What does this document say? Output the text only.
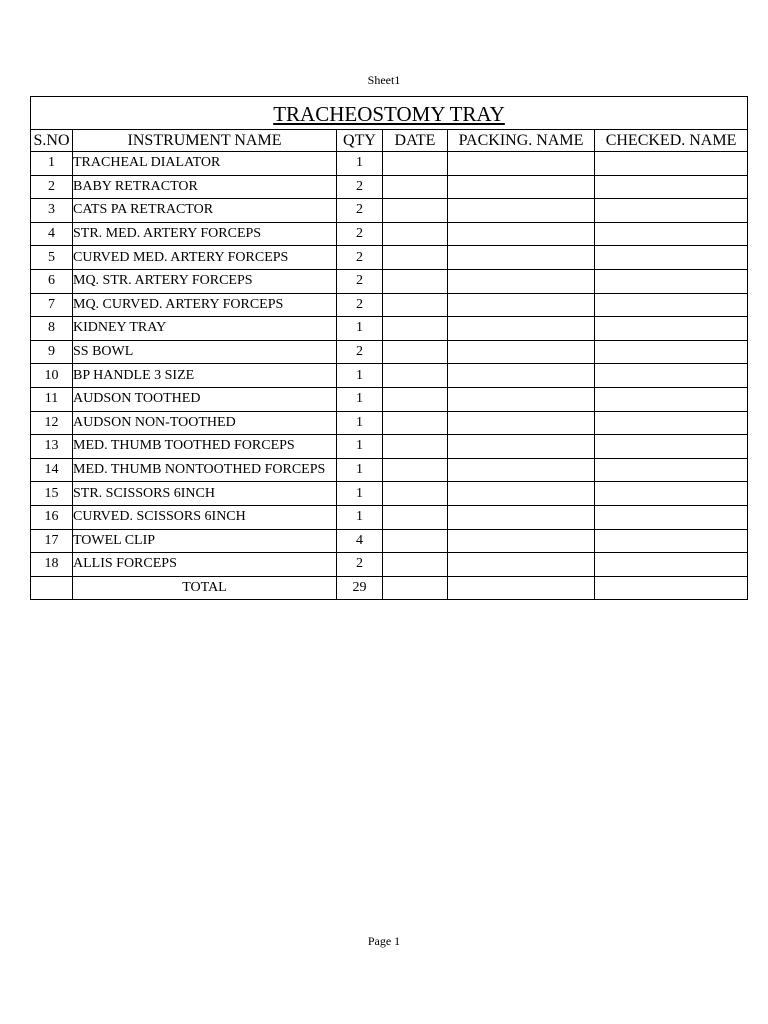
Sheet1
TRACHEOSTOMY TRAY					
S.NO	INSTRUMENT NAME	QTY	DATE	PACKING. NAME	CHECKED. NAME
1	TRACHEAL DIALATOR	1			
2	BABY RETRACTOR	2			
3	CATS PA RETRACTOR	2			
4	STR. MED. ARTERY FORCEPS	2			
5	CURVED MED. ARTERY FORCEPS	2			
6	MQ. STR. ARTERY FORCEPS	2			
7	MQ. CURVED. ARTERY FORCEPS	2			
8	KIDNEY TRAY	1			
9	SS BOWL	2			
10	BP HANDLE 3 SIZE	1			
11	AUDSON TOOTHED	1			
12	AUDSON NON-TOOTHED	1			
13	MED. THUMB TOOTHED FORCEPS	1			
14	MED. THUMB NONTOOTHED FORCEPS	1			
15	STR. SCISSORS 6INCH	1			
16	CURVED. SCISSORS 6INCH	1			
17	TOWEL CLIP	4			
18	ALLIS FORCEPS	2			
	TOTAL	29			
Page 1
